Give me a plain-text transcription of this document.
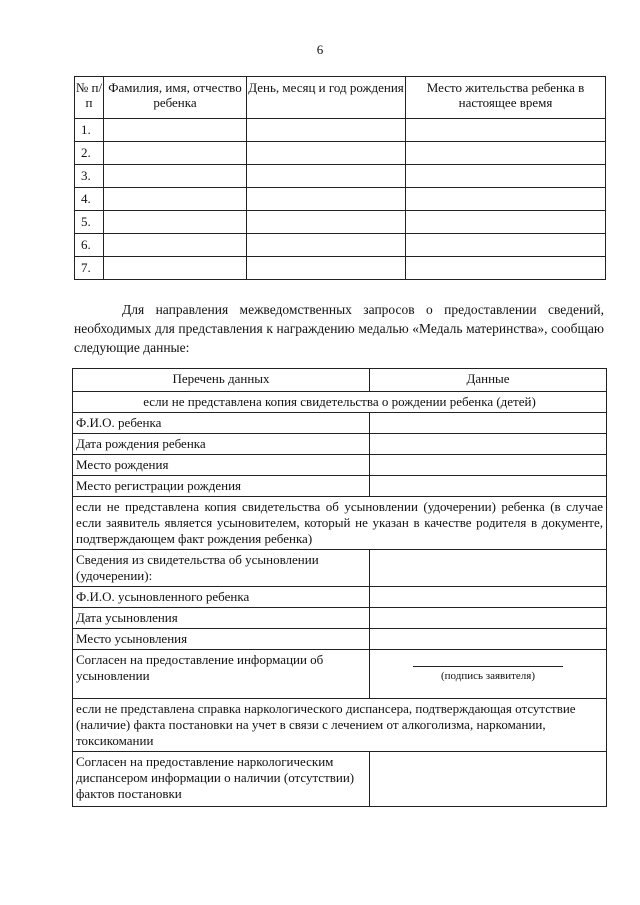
6
№ п/п	Фамилия, имя, отчество ребенка	День, месяц и год рождения	Место жительства ребенка в настоящее время
1.			
2.			
3.			
4.			
5.			
6.			
7.			

Для направления межведомственных запросов о предоставлении сведений, необходимых для представления к награждению медалью «Медаль материнства», сообщаю следующие данные:

Перечень данных	Данные
если не представлена копия свидетельства о рождении ребенка (детей)	
Ф.И.О. ребенка	
Дата рождения ребенка	
Место рождения	
Место регистрации рождения	
если не представлена копия свидетельства об усыновлении (удочерении) ребенка (в случае если заявитель является усыновителем, который не указан в качестве родителя в документе, подтверждающем факт рождения ребенка)	
Сведения из свидетельства об усыновлении (удочерении):	
Ф.И.О. усыновленного ребенка	
Дата усыновления	
Место усыновления	
Согласен на предоставление информации об усыновлении	(подпись заявителя)

если не представлена справка наркологического диспансера, подтверждающая отсутствие (наличие) факта постановки на учет в связи с лечением от алкоголизма, наркомании, токсикомании	
Согласен на предоставление наркологическим диспансером информации о наличии (отсутствии) фактов постановки	
